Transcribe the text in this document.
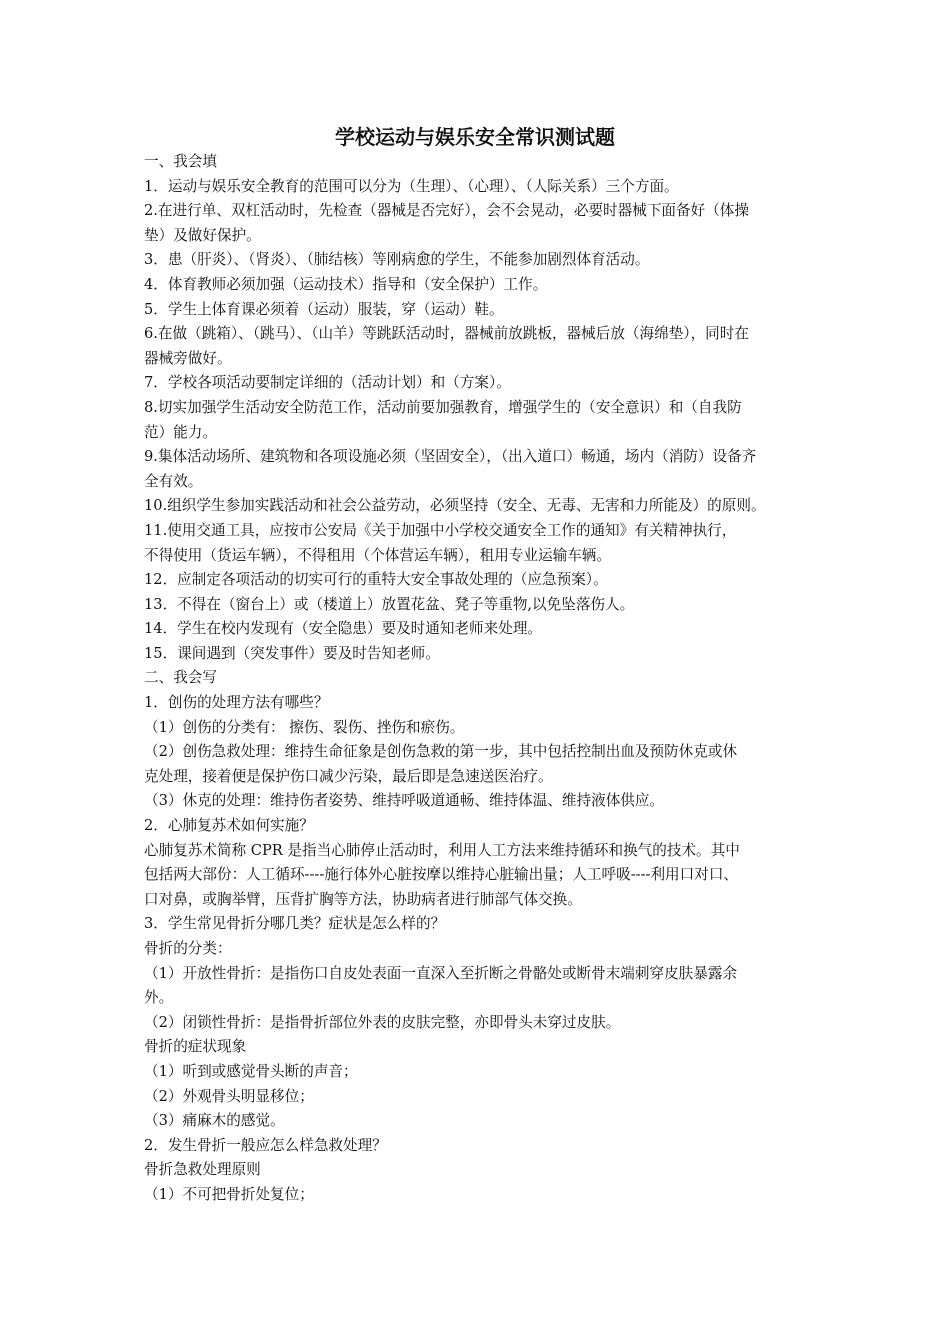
学校运动与娱乐安全常识测试题
一、我会填
1．运动与娱乐安全教育的范围可以分为（生理）、（心理）、（人际关系）三个方面。
2.在进行单、双杠活动时，先检查（器械是否完好），会不会晃动，必要时器械下面备好（体操
垫）及做好保护。
3．患（肝炎）、（肾炎）、（肺结核）等刚病愈的学生，不能参加剧烈体育活动。
4．体育教师必须加强（运动技术）指导和（安全保护）工作。
5．学生上体育课必须着（运动）服装，穿（运动）鞋。
6.在做（跳箱）、（跳马）、（山羊）等跳跃活动时，器械前放跳板，器械后放（海绵垫），同时在
器械旁做好。
7．学校各项活动要制定详细的（活动计划）和（方案）。
8.切实加强学生活动安全防范工作，活动前要加强教育，增强学生的（安全意识）和（自我防
范）能力。
9.集体活动场所、建筑物和各项设施必须（坚固安全），（出入道口）畅通，场内（消防）设备齐
全有效。
10.组织学生参加实践活动和社会公益劳动，必须坚持（安全、无毒、无害和力所能及）的原则。
11.使用交通工具，应按市公安局《关于加强中小学校交通安全工作的通知》有关精神执行，
不得使用（货运车辆），不得租用（个体营运车辆），租用专业运输车辆。
12．应制定各项活动的切实可行的重特大安全事故处理的（应急预案）。
13．不得在（窗台上）或（楼道上）放置花盆、凳子等重物,以免坠落伤人。
14．学生在校内发现有（安全隐患）要及时通知老师来处理。
15．课间遇到（突发事件）要及时告知老师。
二、我会写
1．创伤的处理方法有哪些？
（1）创伤的分类有： 擦伤、裂伤、挫伤和瘀伤。
（2）创伤急救处理：维持生命征象是创伤急救的第一步，其中包括控制出血及预防休克或休
克处理，接着便是保护伤口减少污染，最后即是急速送医治疗。
（3）休克的处理：维持伤者姿势、维持呼吸道通畅、维持体温、维持液体供应。
2．心肺复苏术如何实施？
心肺复苏术简称 CPR 是指当心肺停止活动时，利用人工方法来维持循环和换气的技术。其中
包括两大部份：人工循环----施行体外心脏按摩以维持心脏输出量；人工呼吸----利用口对口、
口对鼻，或胸举臂，压背扩胸等方法，协助病者进行肺部气体交换。
3．学生常见骨折分哪几类？症状是怎么样的？
骨折的分类：
（1）开放性骨折：是指伤口自皮处表面一直深入至折断之骨骼处或断骨末端刺穿皮肤暴露余
外。
（2）闭锁性骨折：是指骨折部位外表的皮肤完整，亦即骨头未穿过皮肤。
骨折的症状现象
（1）听到或感觉骨头断的声音；
（2）外观骨头明显移位；
（3）痛麻木的感觉。
2．发生骨折一般应怎么样急救处理？
骨折急救处理原则
（1）不可把骨折处复位；
